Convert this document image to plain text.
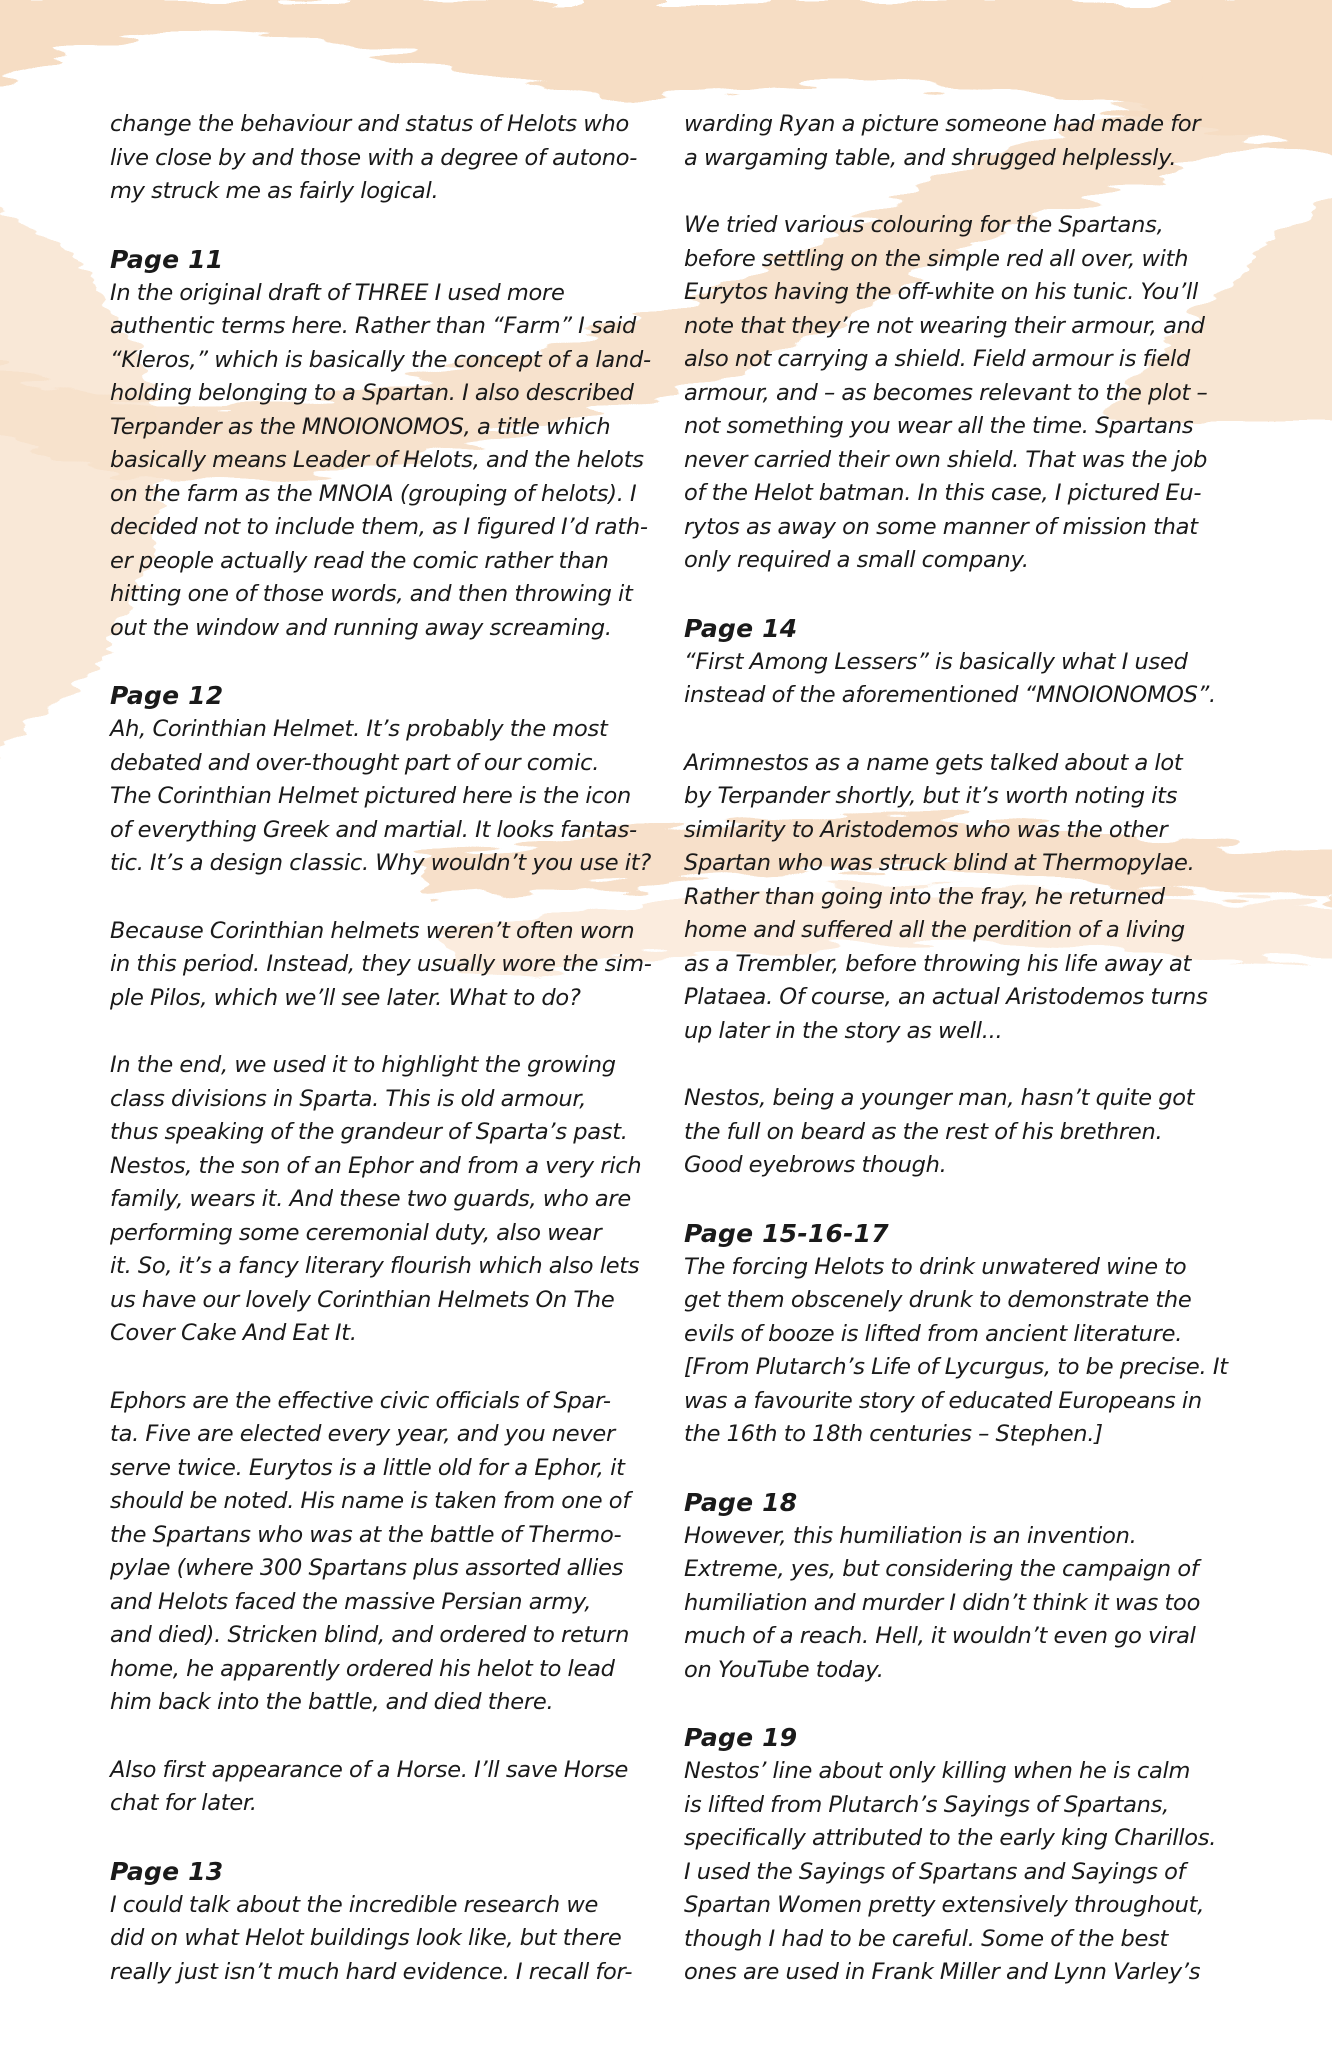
change the behaviour and status of Helots who
live close by and those with a degree of autono-
my struck me as fairly logical.

Page 11

In the original draft of THREE I used more
authentic terms here. Rather than “Farm” I said
“Kleros,” which is basically the concept of a land-
holding belonging to a Spartan. I also described
Terpander as the MNOIONOMOS, a title which
basically means Leader of Helots, and the helots
on the farm as the MNOIA (grouping of helots). I
decided not to include them, as I figured I’d rath-
er people actually read the comic rather than
hitting one of those words, and then throwing it
out the window and running away screaming.

Page 12

Ah, Corinthian Helmet. It’s probably the most
debated and over-thought part of our comic.
The Corinthian Helmet pictured here is the icon
of everything Greek and martial. It looks fantas-
tic. It’s a design classic. Why wouldn’t you use it?

Because Corinthian helmets weren’t often worn
in this period. Instead, they usually wore the sim-
ple Pilos, which we’ll see later. What to do?

In the end, we used it to highlight the growing
class divisions in Sparta. This is old armour,
thus speaking of the grandeur of Sparta’s past.
Nestos, the son of an Ephor and from a very rich
family, wears it. And these two guards, who are
performing some ceremonial duty, also wear
it. So, it’s a fancy literary flourish which also lets
us have our lovely Corinthian Helmets On The
Cover Cake And Eat It.

Ephors are the effective civic officials of Spar-
ta. Five are elected every year, and you never
serve twice. Eurytos is a little old for a Ephor, it
should be noted. His name is taken from one of
the Spartans who was at the battle of Thermo-
pylae (where 300 Spartans plus assorted allies
and Helots faced the massive Persian army,
and died). Stricken blind, and ordered to return
home, he apparently ordered his helot to lead
him back into the battle, and died there.

Also first appearance of a Horse. I’ll save Horse
chat for later.

Page 13

I could talk about the incredible research we
did on what Helot buildings look like, but there
really just isn’t much hard evidence. I recall for-

warding Ryan a picture someone had made for
a wargaming table, and shrugged helplessly.

We tried various colouring for the Spartans,
before settling on the simple red all over, with
Eurytos having the off-white on his tunic. You’ll
note that they’re not wearing their armour, and
also not carrying a shield. Field armour is field
armour, and – as becomes relevant to the plot –
not something you wear all the time. Spartans
never carried their own shield. That was the job
of the Helot batman. In this case, I pictured Eu-
rytos as away on some manner of mission that
only required a small company.

Page 14

“First Among Lessers” is basically what I used
instead of the aforementioned “MNOIONOMOS”.

Arimnestos as a name gets talked about a lot
by Terpander shortly, but it’s worth noting its
similarity to Aristodemos who was the other
Spartan who was struck blind at Thermopylae.
Rather than going into the fray, he returned
home and suffered all the perdition of a living
as a Trembler, before throwing his life away at
Plataea. Of course, an actual Aristodemos turns
up later in the story as well...

Nestos, being a younger man, hasn’t quite got
the full on beard as the rest of his brethren.
Good eyebrows though.

Page 15-16-17

The forcing Helots to drink unwatered wine to
get them obscenely drunk to demonstrate the
evils of booze is lifted from ancient literature.
[From Plutarch’s Life of Lycurgus, to be precise. It
was a favourite story of educated Europeans in
the 16th to 18th centuries – Stephen.]

Page 18

However, this humiliation is an invention.
Extreme, yes, but considering the campaign of
humiliation and murder I didn’t think it was too
much of a reach. Hell, it wouldn’t even go viral
on YouTube today.

Page 19

Nestos’ line about only killing when he is calm
is lifted from Plutarch’s Sayings of Spartans,
specifically attributed to the early king Charillos.
I used the Sayings of Spartans and Sayings of
Spartan Women pretty extensively throughout,
though I had to be careful. Some of the best
ones are used in Frank Miller and Lynn Varley’s
